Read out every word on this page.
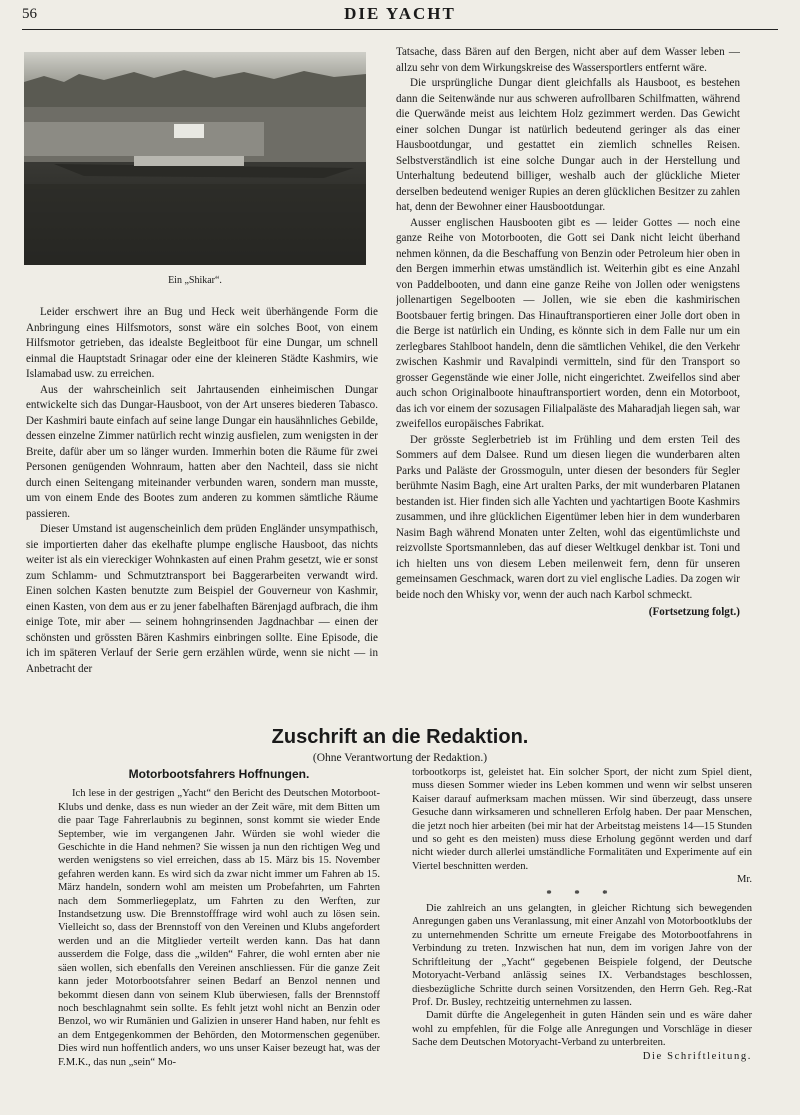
56	DIE YACHT
Ein „Shikar“.

Leider erschwert ihre an Bug und Heck weit überhängende Form die Anbringung eines Hilfsmotors, sonst wäre ein solches Boot, von einem Hilfsmotor getrieben, das idealste Begleitboot für eine Dungar, um schnell einmal die Hauptstadt Srinagar oder eine der kleineren Städte Kashmirs, wie Islamabad usw. zu erreichen.

Aus der wahrscheinlich seit Jahrtausenden einheimischen Dungar entwickelte sich das Dungar-Hausboot, von der Art unseres biederen Tabasco. Der Kashmiri baute einfach auf seine lange Dungar ein hausähnliches Gebilde, dessen einzelne Zimmer natürlich recht winzig ausfielen, zum wenigsten in der Breite, dafür aber um so länger wurden. Immerhin boten die Räume für zwei Personen genügenden Wohnraum, hatten aber den Nachteil, dass sie nicht durch einen Seitengang miteinander verbunden waren, sondern man musste, um von einem Ende des Bootes zum anderen zu kommen sämtliche Räume passieren.

Dieser Umstand ist augenscheinlich dem prüden Engländer unsympathisch, sie importierten daher das ekelhafte plumpe englische Hausboot, das nichts weiter ist als ein viereckiger Wohnkasten auf einen Prahm gesetzt, wie er sonst zum Schlamm- und Schmutztransport bei Baggerarbeiten verwandt wird. Einen solchen Kasten benutzte zum Beispiel der Gouverneur von Kashmir, einen Kasten, von dem aus er zu jener fabelhaften Bärenjagd aufbrach, die ihm einige Tote, mir aber — seinem hohngrinsenden Jagdnachbar — einen der schönsten und grössten Bären Kashmirs einbringen sollte. Eine Episode, die ich im späteren Verlauf der Serie gern erzählen würde, wenn sie nicht — in Anbetracht der

Tatsache, dass Bären auf den Bergen, nicht aber auf dem Wasser leben — allzu sehr von dem Wirkungskreise des Wassersportlers entfernt wäre.

Die ursprüngliche Dungar dient gleichfalls als Hausboot, es bestehen dann die Seitenwände nur aus schweren aufrollbaren Schilfmatten, während die Querwände meist aus leichtem Holz gezimmert werden. Das Gewicht einer solchen Dungar ist natürlich bedeutend geringer als das einer Hausbootdungar, und gestattet ein ziemlich schnelles Reisen. Selbstverständlich ist eine solche Dungar auch in der Herstellung und Unterhaltung bedeutend billiger, weshalb auch der glückliche Mieter derselben bedeutend weniger Rupies an deren glücklichen Besitzer zu zahlen hat, denn der Bewohner einer Hausbootdungar.

Ausser englischen Hausbooten gibt es — leider Gottes — noch eine ganze Reihe von Motorbooten, die Gott sei Dank nicht leicht überhand nehmen können, da die Beschaffung von Benzin oder Petroleum hier oben in den Bergen immerhin etwas umständlich ist. Weiterhin gibt es eine Anzahl von Paddelbooten, und dann eine ganze Reihe von Jollen oder wenigstens jollenartigen Segelbooten — Jollen, wie sie eben die kashmirischen Bootsbauer fertig bringen. Das Hinauftransportieren einer Jolle dort oben in die Berge ist natürlich ein Unding, es könnte sich in dem Falle nur um ein zerlegbares Stahlboot handeln, denn die sämtlichen Vehikel, die den Verkehr zwischen Kashmir und Ravalpindi vermitteln, sind für den Transport so grosser Gegenstände wie einer Jolle, nicht eingerichtet. Zweifellos sind aber auch schon Originalboote hinauftransportiert worden, denn ein Motorboot, das ich vor einem der sozusagen Filialpaläste des Maharadjah liegen sah, war zweifellos europäisches Fabrikat.

Der grösste Seglerbetrieb ist im Frühling und dem ersten Teil des Sommers auf dem Dalsee. Rund um diesen liegen die wunderbaren alten Parks und Paläste der Grossmoguln, unter diesen der besonders für Segler berühmte Nasim Bagh, eine Art uralten Parks, der mit wunderbaren Platanen bestanden ist. Hier finden sich alle Yachten und yachtartigen Boote Kashmirs zusammen, und ihre glücklichen Eigentümer leben hier in dem wunderbaren Nasim Bagh während Monaten unter Zelten, wohl das eigentümlichste und reizvollste Sportsmannleben, das auf dieser Weltkugel denkbar ist. Toni und ich hielten uns von diesem Leben meilenweit fern, denn für unseren gemeinsamen Geschmack, waren dort zu viel englische Ladies. Da zogen wir beide noch den Whisky vor, wenn der auch nach Karbol schmeckt.

(Fortsetzung folgt.)

Zuschrift an die Redaktion.
(Ohne Verantwortung der Redaktion.)

Motorbootsfahrers Hoffnungen.

Ich lese in der gestrigen „Yacht“ den Bericht des Deutschen Motorboot-Klubs und denke, dass es nun wieder an der Zeit wäre, mit dem Bitten um die paar Tage Fahrerlaubnis zu beginnen, sonst kommt sie wieder Ende September, wie im vergangenen Jahr. Würden sie wohl wieder die Geschichte in die Hand nehmen? Sie wissen ja nun den richtigen Weg und werden wenigstens so viel erreichen, dass ab 15. März bis 15. November gefahren werden kann. Es wird sich da zwar nicht immer um Fahren ab 15. März handeln, sondern wohl am meisten um Probefahrten, um Fahrten nach dem Sommerliegeplatz, um Fahrten zu den Werften, zur Instandsetzung usw. Die Brennstofffrage wird wohl auch zu lösen sein. Vielleicht so, dass der Brennstoff von den Vereinen und Klubs angefordert werden und an die Mitglieder verteilt werden kann. Das hat dann ausserdem die Folge, dass die „wilden“ Fahrer, die wohl ernten aber nie säen wollen, sich ebenfalls den Vereinen anschliessen. Für die ganze Zeit kann jeder Motorbootsfahrer seinen Bedarf an Benzol nennen und bekommt diesen dann von seinem Klub überwiesen, falls der Brennstoff noch beschlagnahmt sein sollte. Es fehlt jetzt wohl nicht an Benzin oder Benzol, wo wir Rumänien und Galizien in unserer Hand haben, nur fehlt es an dem Entgegenkommen der Behörden, den Motormenschen gegenüber. Dies wird nun hoffentlich anders, wo uns unser Kaiser bezeugt hat, was der F.M.K., das nun „sein“ Mo-

torbootkorps ist, geleistet hat. Ein solcher Sport, der nicht zum Spiel dient, muss diesen Sommer wieder ins Leben kommen und wenn wir selbst unseren Kaiser darauf aufmerksam machen müssen. Wir sind überzeugt, dass unsere Gesuche dann wirksameren und schnelleren Erfolg haben. Der paar Menschen, die jetzt noch hier arbeiten (bei mir hat der Arbeitstag meistens 14—15 Stunden und so geht es den meisten) muss diese Erholung gegönnt werden und darf nicht wieder durch allerlei umständliche Formalitäten und Experimente auf ein Viertel beschnitten werden.

Mr.

* * *

Die zahlreich an uns gelangten, in gleicher Richtung sich bewegenden Anregungen gaben uns Veranlassung, mit einer Anzahl von Motorbootklubs der zu unternehmenden Schritte um erneute Freigabe des Motorbootfahrens in Verbindung zu treten. Inzwischen hat nun, dem im vorigen Jahre von der Schriftleitung der „Yacht“ gegebenen Beispiele folgend, der Deutsche Motoryacht-Verband anlässig seines IX. Verbandstages beschlossen, diesbezügliche Schritte durch seinen Vorsitzenden, den Herrn Geh. Reg.-Rat Prof. Dr. Busley, rechtzeitig unternehmen zu lassen.

Damit dürfte die Angelegenheit in guten Händen sein und es wäre daher wohl zu empfehlen, für die Folge alle Anregungen und Vorschläge in dieser Sache dem Deutschen Motoryacht-Verband zu unterbreiten.

Die Schriftleitung.
